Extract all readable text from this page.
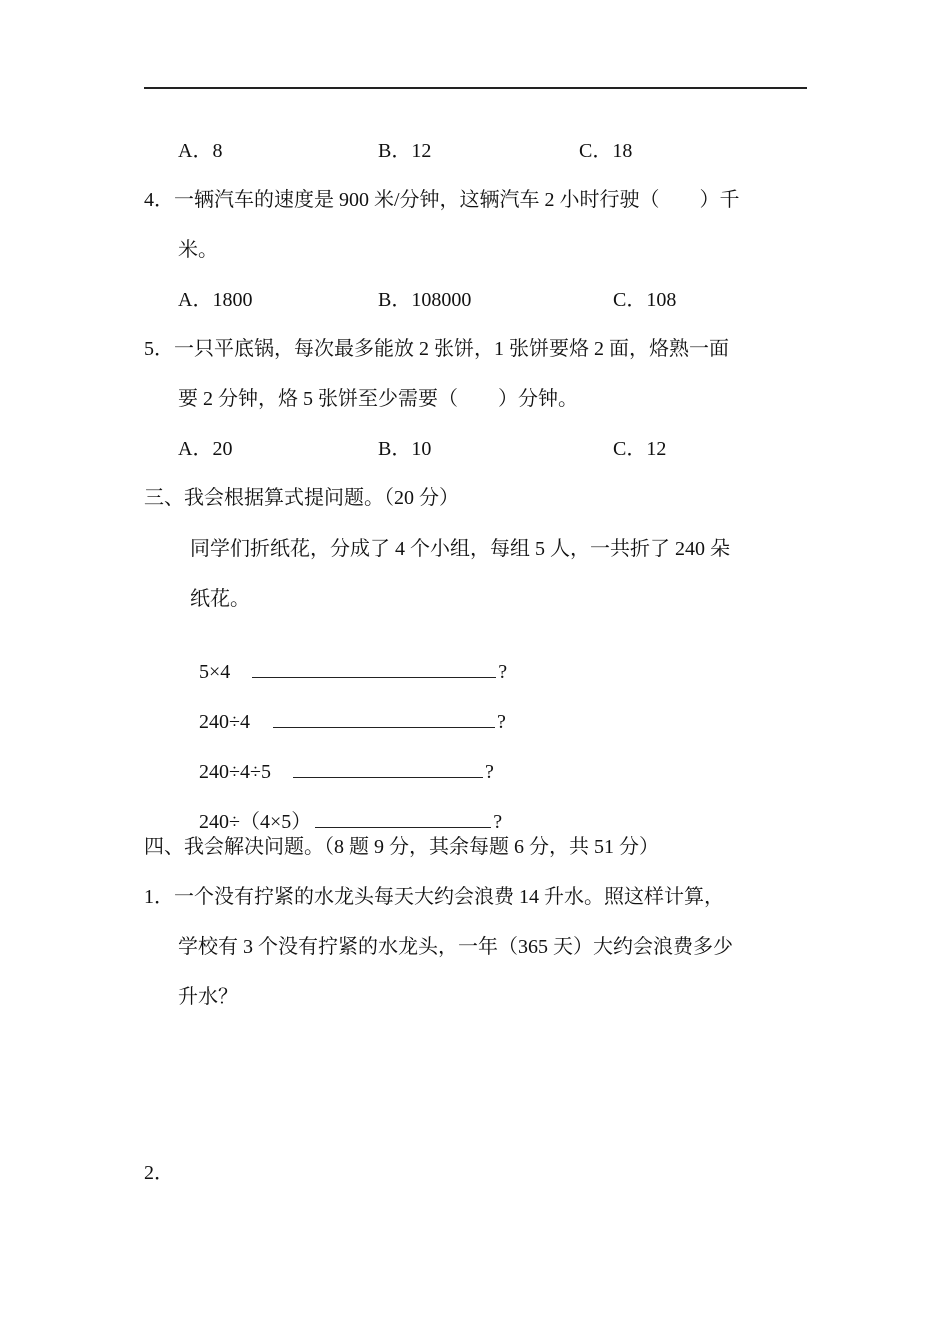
A．8	B．12	C．18
4．一辆汽车的速度是 900 米/分钟，这辆汽车 2 小时行驶（　　）千
米。
A．1800	B．108000	C．108
5．一只平底锅，每次最多能放 2 张饼，1 张饼要烙 2 面，烙熟一面
要 2 分钟，烙 5 张饼至少需要（　　）分钟。
A．20	B．10	C．12
三、我会根据算式提问题。（20 分）
同学们折纸花，分成了 4 个小组，每组 5 人，一共折了 240 朵
纸花。

5×4	?

240÷4	?

240÷4÷5	?

240÷（4×5）	?

四、我会解决问题。（8 题 9 分，其余每题 6 分，共 51 分）
1．一个没有拧紧的水龙头每天大约会浪费 14 升水。照这样计算，
学校有 3 个没有拧紧的水龙头，一年（365 天）大约会浪费多少
升水？
2．
